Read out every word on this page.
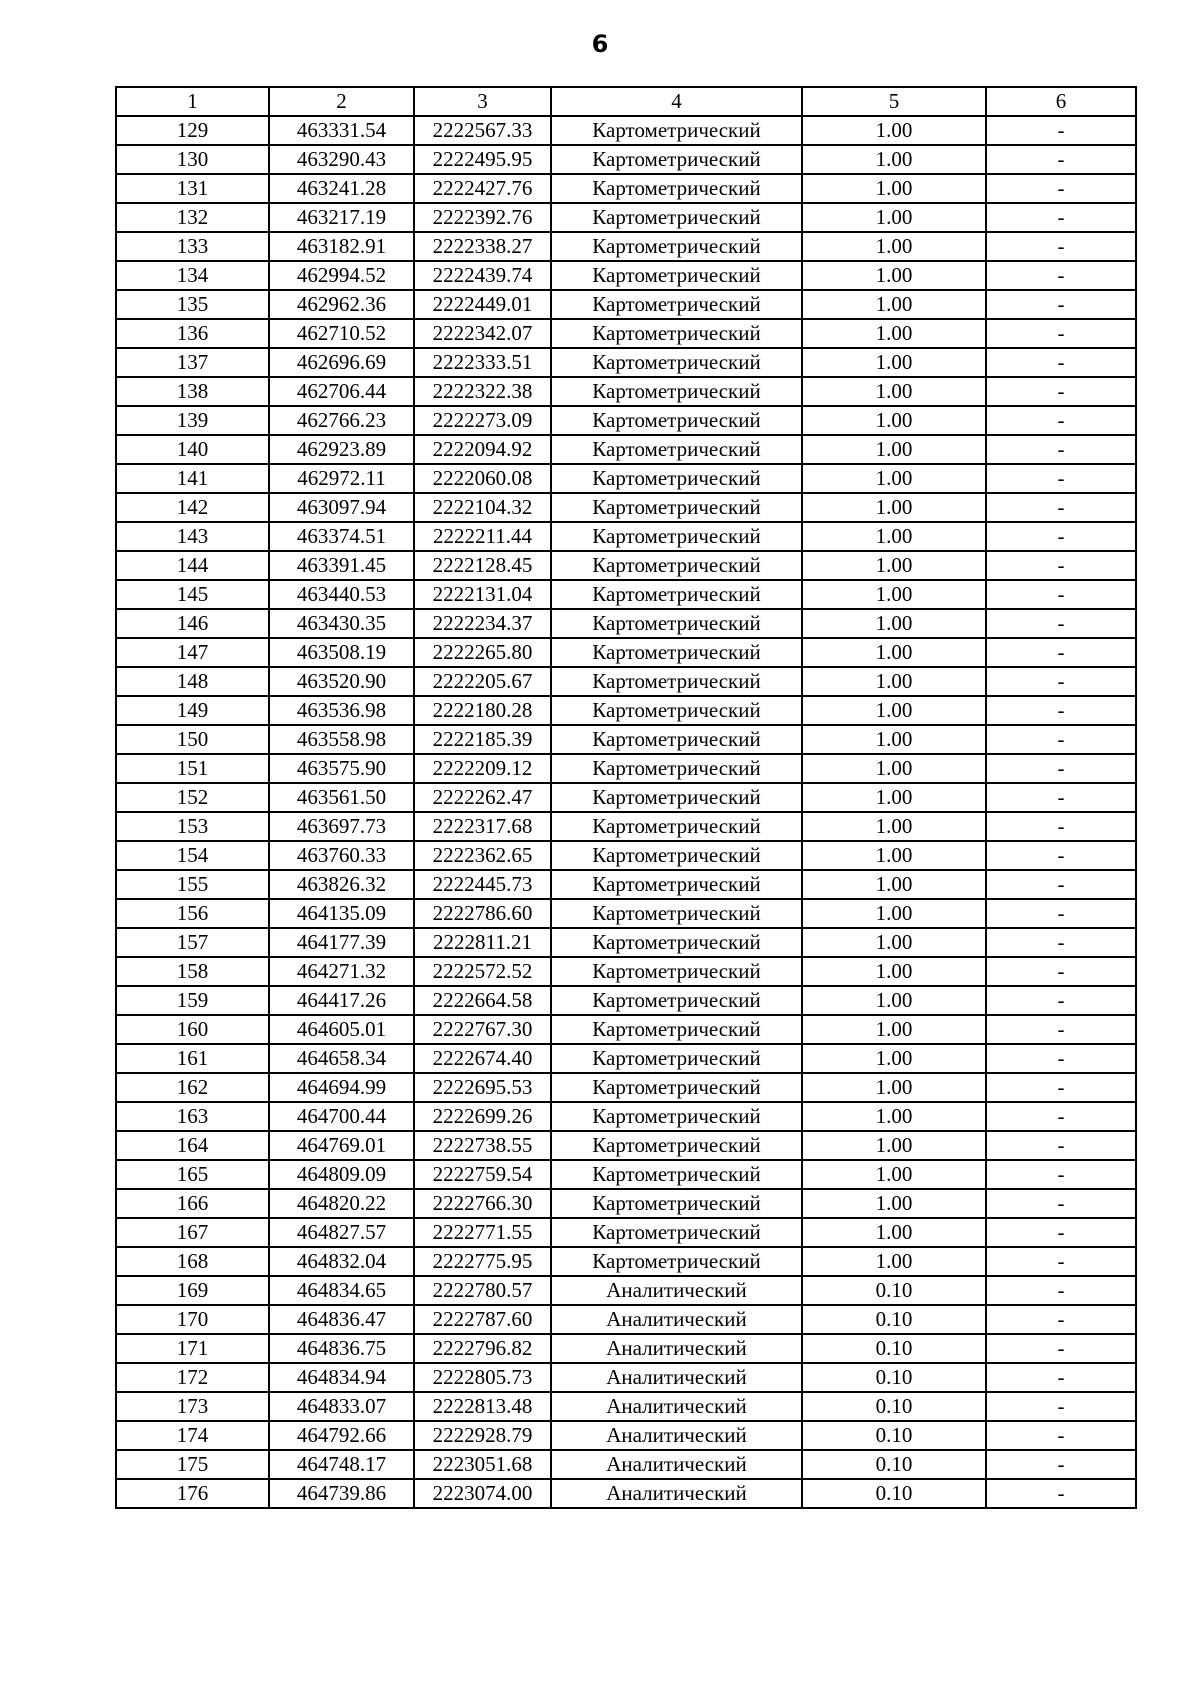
6
1	2	3	4	5	6
129	463331.54	2222567.33	Картометрический	1.00	-
130	463290.43	2222495.95	Картометрический	1.00	-
131	463241.28	2222427.76	Картометрический	1.00	-
132	463217.19	2222392.76	Картометрический	1.00	-
133	463182.91	2222338.27	Картометрический	1.00	-
134	462994.52	2222439.74	Картометрический	1.00	-
135	462962.36	2222449.01	Картометрический	1.00	-
136	462710.52	2222342.07	Картометрический	1.00	-
137	462696.69	2222333.51	Картометрический	1.00	-
138	462706.44	2222322.38	Картометрический	1.00	-
139	462766.23	2222273.09	Картометрический	1.00	-
140	462923.89	2222094.92	Картометрический	1.00	-
141	462972.11	2222060.08	Картометрический	1.00	-
142	463097.94	2222104.32	Картометрический	1.00	-
143	463374.51	2222211.44	Картометрический	1.00	-
144	463391.45	2222128.45	Картометрический	1.00	-
145	463440.53	2222131.04	Картометрический	1.00	-
146	463430.35	2222234.37	Картометрический	1.00	-
147	463508.19	2222265.80	Картометрический	1.00	-
148	463520.90	2222205.67	Картометрический	1.00	-
149	463536.98	2222180.28	Картометрический	1.00	-
150	463558.98	2222185.39	Картометрический	1.00	-
151	463575.90	2222209.12	Картометрический	1.00	-
152	463561.50	2222262.47	Картометрический	1.00	-
153	463697.73	2222317.68	Картометрический	1.00	-
154	463760.33	2222362.65	Картометрический	1.00	-
155	463826.32	2222445.73	Картометрический	1.00	-
156	464135.09	2222786.60	Картометрический	1.00	-
157	464177.39	2222811.21	Картометрический	1.00	-
158	464271.32	2222572.52	Картометрический	1.00	-
159	464417.26	2222664.58	Картометрический	1.00	-
160	464605.01	2222767.30	Картометрический	1.00	-
161	464658.34	2222674.40	Картометрический	1.00	-
162	464694.99	2222695.53	Картометрический	1.00	-
163	464700.44	2222699.26	Картометрический	1.00	-
164	464769.01	2222738.55	Картометрический	1.00	-
165	464809.09	2222759.54	Картометрический	1.00	-
166	464820.22	2222766.30	Картометрический	1.00	-
167	464827.57	2222771.55	Картометрический	1.00	-
168	464832.04	2222775.95	Картометрический	1.00	-
169	464834.65	2222780.57	Аналитический	0.10	-
170	464836.47	2222787.60	Аналитический	0.10	-
171	464836.75	2222796.82	Аналитический	0.10	-
172	464834.94	2222805.73	Аналитический	0.10	-
173	464833.07	2222813.48	Аналитический	0.10	-
174	464792.66	2222928.79	Аналитический	0.10	-
175	464748.17	2223051.68	Аналитический	0.10	-
176	464739.86	2223074.00	Аналитический	0.10	-
